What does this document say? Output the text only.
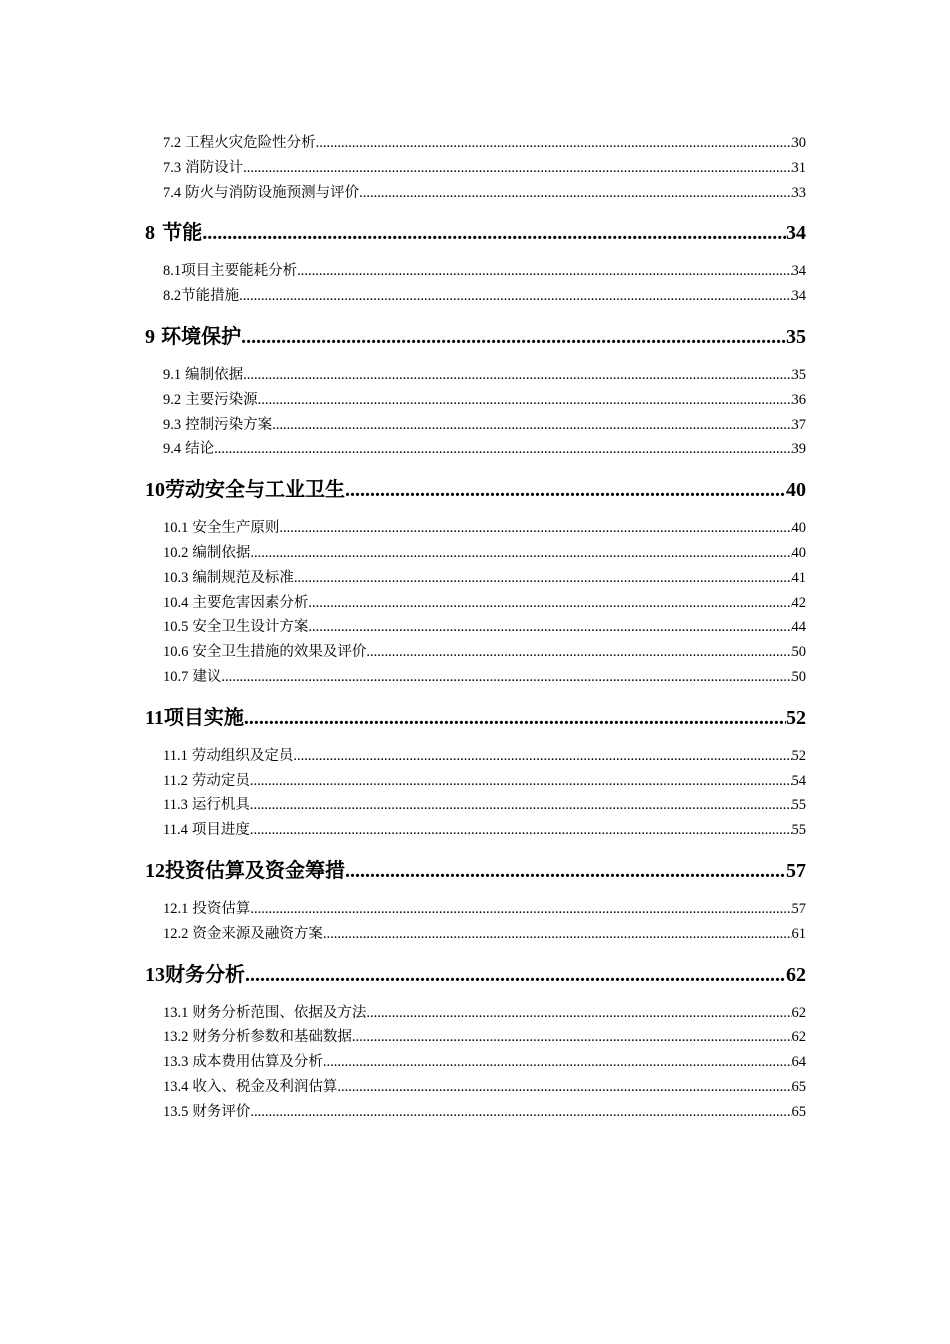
7.2 工程火灾危险性分析 .....	30
7.3 消防设计 .....	31
7.4 防火与消防设施预测与评价 .....	33
8 节能 .....	34
8.1 项目主要能耗分析 .....	34
8.2 节能措施 .....	34
9 环境保护 .....	35
9.1 编制依据 .....	35
9.2 主要污染源 .....	36
9.3 控制污染方案 .....	37
9.4 结论 .....	39
10 劳动安全与工业卫生 .....	40
10.1 安全生产原则 .....	40
10.2 编制依据 .....	40
10.3 编制规范及标准 .....	41
10.4 主要危害因素分析 .....	42
10.5 安全卫生设计方案 .....	44
10.6 安全卫生措施的效果及评价 .....	50
10.7 建议 .....	50
11 项目实施 .....	52
11.1 劳动组织及定员 .....	52
11.2 劳动定员 .....	54
11.3 运行机具 .....	55
11.4 项目进度 .....	55
12 投资估算及资金筹措 .....	57
12.1 投资估算 .....	57
12.2 资金来源及融资方案 .....	61
13 财务分析 .....	62
13.1 财务分析范围、依据及方法 .....	62
13.2 财务分析参数和基础数据 .....	62
13.3 成本费用估算及分析 .....	64
13.4 收入、税金及利润估算 .....	65
13.5 财务评价 .....	65
